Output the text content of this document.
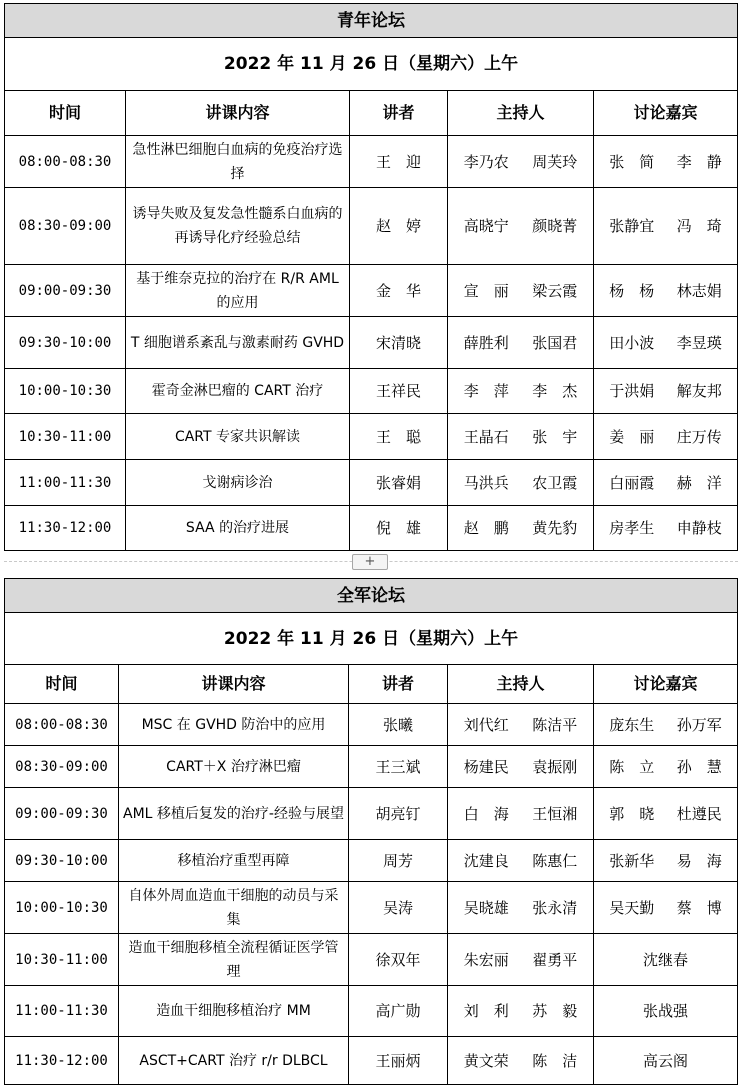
青年论坛				
2022 年 11 月 26 日（星期六）上午				
时间	讲课内容	讲者	主持人	讨论嘉宾
08:00-08:30	急性淋巴细胞白血病的免疫治疗选择	王　迎	李乃农 周芙玲	张　简 李　静

08:30-09:00	诱导失败及复发急性髓系白血病的再诱导化疗经验总结	赵　婷	高晓宁 颜晓菁	张静宜 冯　琦

09:00-09:30	基于维奈克拉的治疗在 R/R AML 的应用	金　华	宣　丽 梁云霞	杨　杨 林志娟

09:30-10:00	T 细胞谱系紊乱与激素耐药 GVHD	宋清晓	薛胜利 张国君	田小波 李昱瑛

10:00-10:30	霍奇金淋巴瘤的 CART 治疗	王祥民	李　萍 李　杰	于洪娟 解友邦

10:30-11:00	CART 专家共识解读	王　聪	王晶石 张　宇	姜　丽 庄万传

11:00-11:30	戈谢病诊治	张睿娟	马洪兵 农卫霞	白丽霞 赫　洋

11:30-12:00	SAA 的治疗进展	倪　雄	赵　鹏 黄先豹	房孝生 申静枝
+
全军论坛				
2022 年 11 月 26 日（星期六）上午				
时间	讲课内容	讲者	主持人	讨论嘉宾
08:00-08:30	MSC 在 GVHD 防治中的应用	张曦	刘代红 陈洁平	庞东生 孙万军

08:30-09:00	CART＋X 治疗淋巴瘤	王三斌	杨建民 袁振刚	陈　立 孙　慧

09:00-09:30	AML 移植后复发的治疗-经验与展望	胡亮钉	白　海 王恒湘	郭　晓 杜遵民

09:30-10:00	移植治疗重型再障	周芳	沈建良 陈惠仁	张新华 易　海

10:00-10:30	自体外周血造血干细胞的动员与采集	吴涛	吴晓雄 张永清	吴天勤 蔡　博

10:30-11:00	造血干细胞移植全流程循证医学管理	徐双年	朱宏丽 翟勇平	沈继春
11:00-11:30	造血干细胞移植治疗 MM	高广勋	刘　利 苏　毅	张战强
11:30-12:00	ASCT+CART 治疗 r/r DLBCL	王丽炳	黄文荣 陈　洁	高云阁
